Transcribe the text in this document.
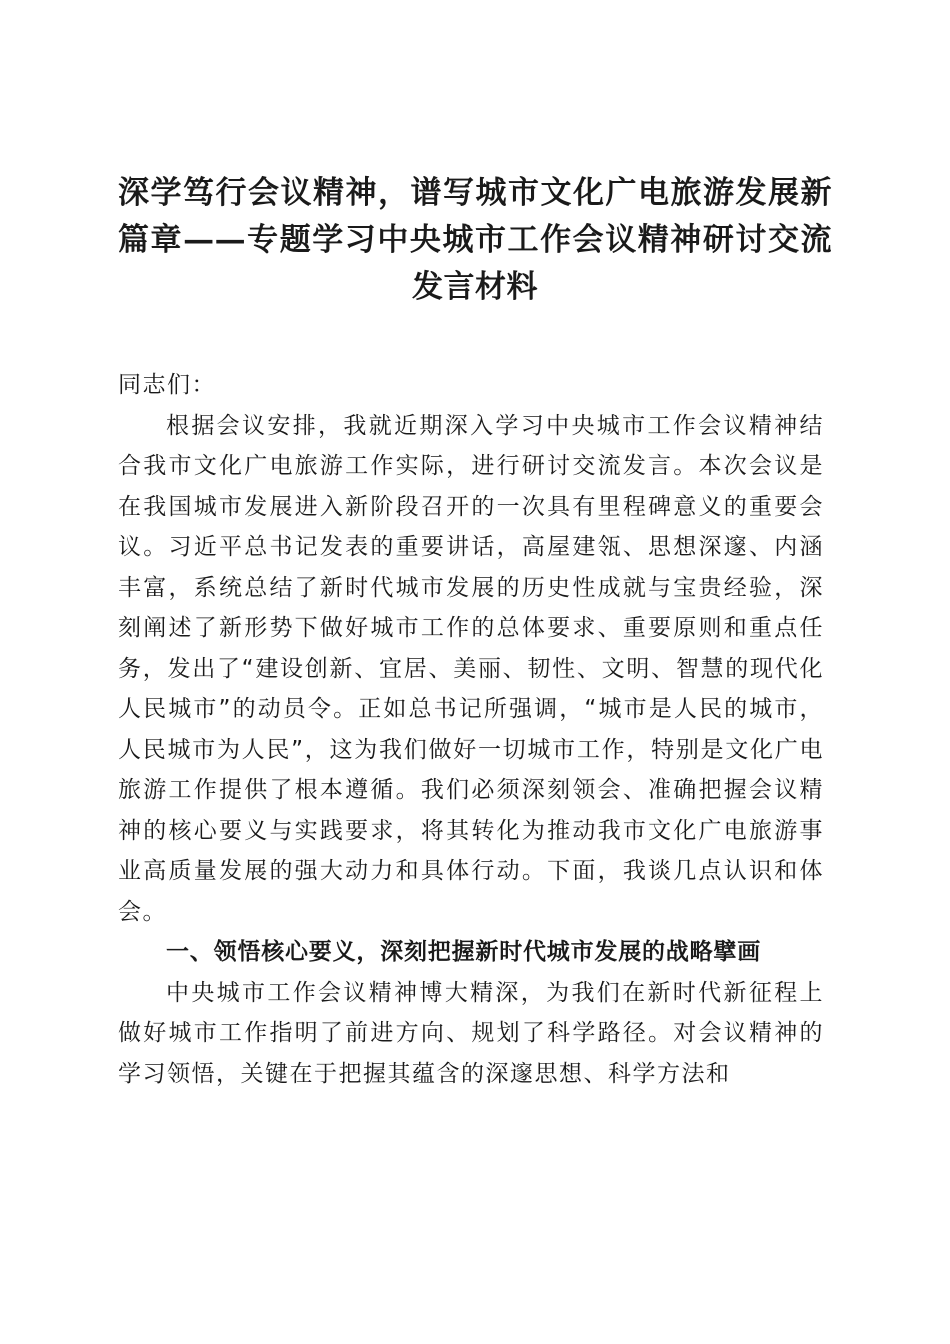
深学笃行会议精神，谱写城市文化广电旅游发展新篇章——专题学习中央城市工作会议精神研讨交流发言材料

同志们：

根据会议安排，我就近期深入学习中央城市工作会议精神结合我市文化广电旅游工作实际，进行研讨交流发言。本次会议是在我国城市发展进入新阶段召开的一次具有里程碑意义的重要会议。习近平总书记发表的重要讲话，高屋建瓴、思想深邃、内涵丰富，系统总结了新时代城市发展的历史性成就与宝贵经验，深刻阐述了新形势下做好城市工作的总体要求、重要原则和重点任务，发出了“建设创新、宜居、美丽、韧性、文明、智慧的现代化人民城市”的动员令。正如总书记所强调，“城市是人民的城市，人民城市为人民”，这为我们做好一切城市工作，特别是文化广电旅游工作提供了根本遵循。我们必须深刻领会、准确把握会议精神的核心要义与实践要求，将其转化为推动我市文化广电旅游事业高质量发展的强大动力和具体行动。下面，我谈几点认识和体会。

一、领悟核心要义，深刻把握新时代城市发展的战略擘画

中央城市工作会议精神博大精深，为我们在新时代新征程上做好城市工作指明了前进方向、规划了科学路径。对会议精神的学习领悟，关键在于把握其蕴含的深邃思想、科学方法和
